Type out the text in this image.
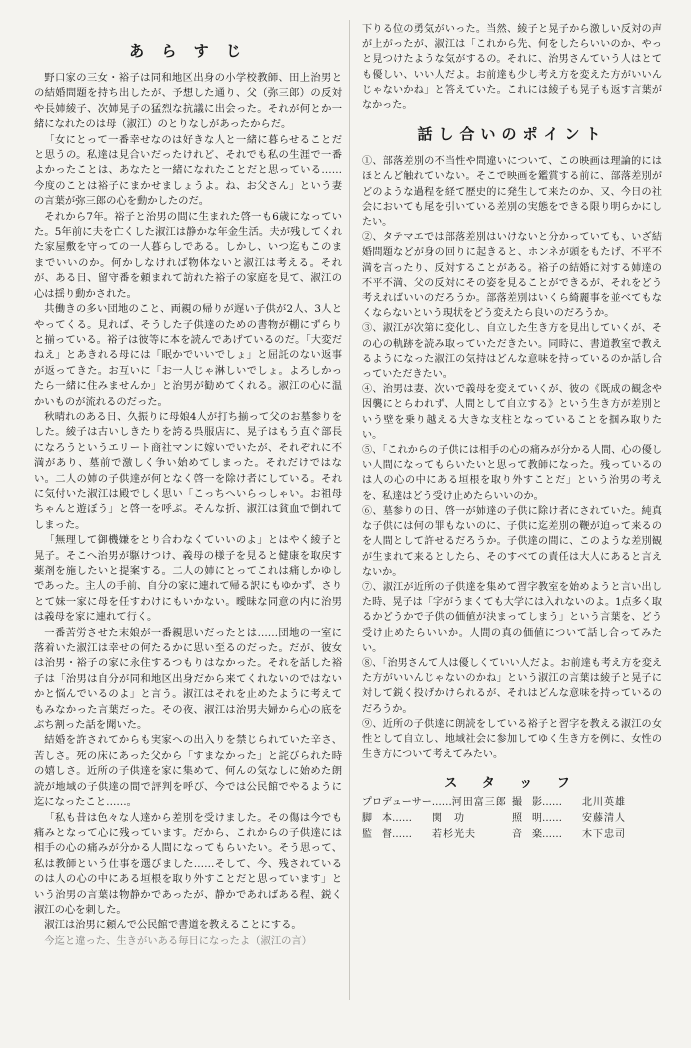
あ ら す じ

野口家の三女・裕子は同和地区出身の小学校教師、田上治男との結婚問題を持ち出したが、予想した通り、父（弥三郎）の反対や長姉綾子、次姉晃子の猛烈な抗議に出会った。それが何とか一緒になれたのは母（淑江）のとりなしがあったからだ。

「女にとって一番幸せなのは好きな人と一緒に暮らせることだと思うの。私達は見合いだったけれど、それでも私の生涯で一番よかったことは、あなたと一緒になれたことだと思っている……今度のことは裕子にまかせましょうよ。ね、お父さん」という妻の言葉が弥三郎の心を動かしたのだ。

それから7年。裕子と治男の間に生まれた啓一も6歳になっていた。5年前に夫を亡くした淑江は静かな年金生活。夫が残してくれた家屋敷を守っての一人暮らしである。しかし、いつ迄もこのままでいいのか。何かしなければ物体ないと淑江は考える。それが、ある日、留守番を頼まれて訪れた裕子の家庭を見て、淑江の心は揺り動かされた。

共働きの多い団地のこと、両親の帰りが遅い子供が2人、3人とやってくる。見れば、そうした子供達のための書物が棚にずらりと揃っている。裕子は彼等に本を読んであげているのだ。「大変だねえ」とあきれる母には「眠かでいいでしょ」と屈託のない返事が返ってきた。お互いに「お一人じゃ淋しいでしょ。よろしかったら一緒に住みませんか」と治男が勧めてくれる。淑江の心に温かいものが流れるのだった。

秋晴れのある日、久振りに母娘4人が打ち揃って父のお墓参りをした。綾子は古いしきたりを誇る呉服店に、晃子はもう直ぐ部長になろうというエリート商社マンに嫁いでいたが、それぞれに不満があり、墓前で激しく争い始めてしまった。それだけではない。二人の姉の子供達が何となく啓一を除け者にしている。それに気付いた淑江は殿でしく思い「こっちへいらっしゃい。お祖母ちゃんと遊ぼう」と啓一を呼ぶ。そんな折、淑江は貧血で倒れてしまった。

「無理して御機嫌をとり合わなくていいのよ」とはやく綾子と晃子。そこへ治男が駆けつけ、義母の様子を見ると健康を取戻す薬剤を施したいと提案する。二人の姉にとってこれは痛しかゆしであった。主人の手前、自分の家に連れて帰る訳にもゆかず、さりとて妹一家に母を任すわけにもいかない。曖昧な同意の内に治男は義母を家に連れて行く。

一番苦労させた末娘が一番親思いだったとは……団地の一室に落着いた淑江は幸せの何たるかに思い至るのだった。だが、彼女は治男・裕子の家に永住するつもりはなかった。それを話した裕子は「治男は自分が同和地区出身だから来てくれないのではないかと悩んでいるのよ」と言う。淑江はそれを止めたように考えてもみなかった言葉だった。その夜、淑江は治男夫婦から心の底をぶち割った話を聞いた。

結婚を許されてからも実家への出入りを禁じられていた辛さ、苦しさ。死の床にあった父から「すまなかった」と詫びられた時の嬉しさ。近所の子供達を家に集めて、何んの気なしに始めた朗読が地域の子供達の間で評判を呼び、今では公民館でやるように迄になったこと……。

「私も昔は色々な人達から差別を受けました。その傷は今でも痛みとなって心に残っています。だから、これからの子供達には相手の心の痛みが分かる人間になってもらいたい。そう思って、私は教師という仕事を選びました……そして、今、残されているのは人の心の中にある垣根を取り外すことだと思っています」という治男の言葉は物静かであったが、静かであればある程、鋭く淑江の心を刺した。

淑江は治男に頼んで公民館で書道を教えることにする。

今迄と違った、生きがいある毎日になったよ（淑江の言）

下りる位の勇気がいった。当然、綾子と晃子から激しい反対の声が上がったが、淑江は「これから先、何をしたらいいのか、やっと見つけたような気がするの。それに、治男さんていう人はとても優しい、いい人だよ。お前達も少し考え方を変えた方がいいんじゃないかね」と答えていた。これには綾子も晃子も返す言葉がなかった。

話し合いのポイント

①、部落差別の不当性や問違いについて、この映画は理論的にはほとんど触れていない。そこで映画を鑑賞する前に、部落差別がどのような過程を経て歴史的に発生して来たのか、又、今日の社会においても尾を引いている差別の実態をできる限り明らかにしたい。

②、タテマエでは部落差別はいけないと分かっていても、いざ結婚問題などが身の回りに起きると、ホンネが頭をもたげ、不平不満を言ったり、反対することがある。裕子の結婚に対する姉達の不平不満、父の反対にその姿を見ることができるが、それをどう考えればいいのだろうか。部落差別はいくら綺麗事を並べてもなくならないという現状をどう変えたら良いのだろうか。

③、淑江が次第に変化し、自立した生き方を見出していくが、その心の軌跡を読み取っていただきたい。同時に、書道教室で教えるようになった淑江の気持はどんな意味を持っているのか話し合っていただきたい。

④、治男は妻、次いで義母を変えていくが、彼の《既成の観念や因襲にとらわれず、人間として自立する》という生き方が差別という壁を乗り越える大きな支柱となっていることを掴み取りたい。

⑤、「これからの子供には相手の心の痛みが分かる人間、心の優しい人間になってもらいたいと思って教師になった。残っているのは人の心の中にある垣根を取り外すことだ」という治男の考えを、私達はどう受け止めたらいいのか。

⑥、墓参りの日、啓一が姉達の子供に除け者にされていた。純真な子供には何の罪もないのに、子供に迄差別の鞭が迫って来るのを人間として許せるだろうか。子供達の間に、このような差別観が生まれて来るとしたら、そのすべての責任は大人にあると言えないか。

⑦、淑江が近所の子供達を集めて習字教室を始めようと言い出した時、晃子は「字がうまくても大学には入れないのよ。1点多く取るかどうかで子供の価値が決まってしまう」という言葉を、どう受け止めたらいいか。人間の真の価値について話し合ってみたい。

⑧、「治男さんて人は優しくていい人だよ。お前達も考え方を変えた方がいいんじゃないのかね」という淑江の言葉は綾子と晃子に対して鋭く投げかけられるが、それはどんな意味を持っているのだろうか。

⑨、近所の子供達に朗読をしている裕子と習字を教える淑江の女性として自立し、地域社会に参加してゆく生き方を例に、女性の生き方について考えてみたい。

ス タ ッ フ
プロデューサー…… 河田富三郎 撮　影……	北川英雄
脚　本……	関　功	照　明……	安藤清人
監　督……	若杉光夫	音　楽……	木下忠司
